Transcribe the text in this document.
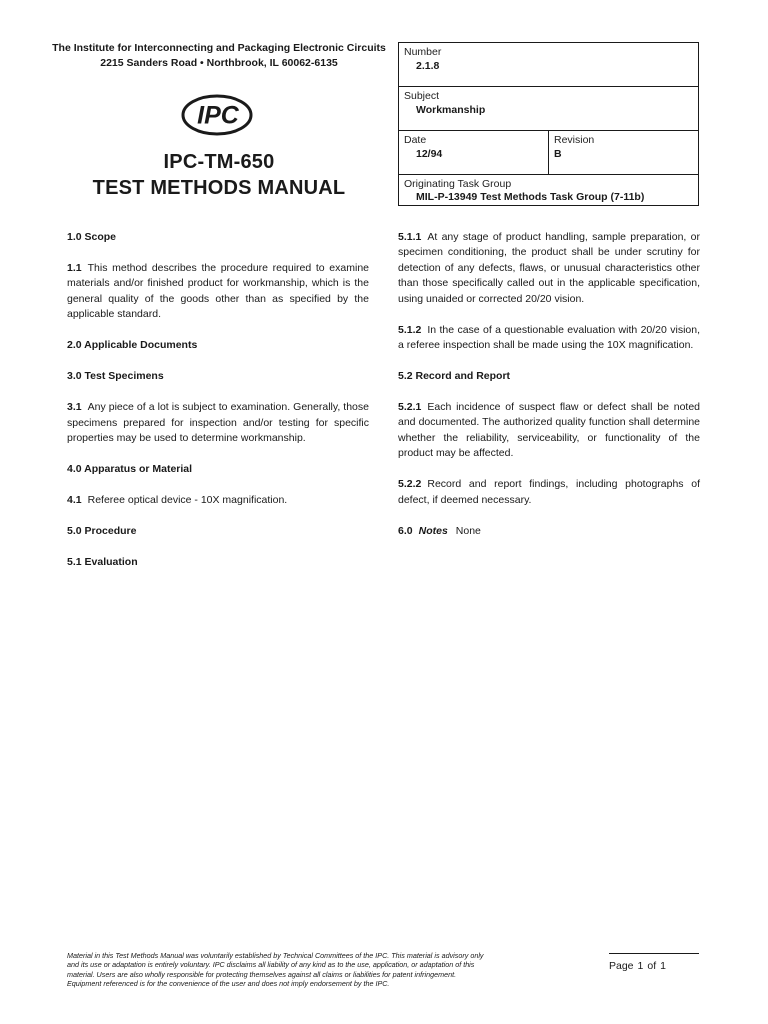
The Institute for Interconnecting and Packaging Electronic Circuits
2215 Sanders Road • Northbrook, IL 60062-6135
IPC
IPC-TM-650
TEST METHODS MANUAL
Number
2.1.8
Subject
Workmanship
Date
12/94
Revision
B
Originating Task Group
MIL-P-13949 Test Methods Task Group (7-11b)

1.0 Scope

1.1 This method describes the procedure required to examine materials and/or finished product for workmanship, which is the general quality of the goods other than as specified by the applicable standard.

2.0 Applicable Documents

3.0 Test Specimens

3.1 Any piece of a lot is subject to examination. Generally, those specimens prepared for inspection and/or testing for specific properties may be used to determine workmanship.

4.0 Apparatus or Material

4.1 Referee optical device - 10X magnification.

5.0 Procedure

5.1 Evaluation

5.1.1 At any stage of product handling, sample preparation, or specimen conditioning, the product shall be under scrutiny for detection of any defects, flaws, or unusual characteristics other than those specifically called out in the applicable specification, using unaided or corrected 20/20 vision.

5.1.2 In the case of a questionable evaluation with 20/20 vision, a referee inspection shall be made using the 10X magnification.

5.2 Record and Report

5.2.1 Each incidence of suspect flaw or defect shall be noted and documented. The authorized quality function shall determine whether the reliability, serviceability, or functionality of the product may be affected.

5.2.2 Record and report findings, including photographs of defect, if deemed necessary.

6.0 Notes None

Material in this Test Methods Manual was voluntarily established by Technical Committees of the IPC. This material is advisory only
and its use or adaptation is entirely voluntary. IPC disclaims all liability of any kind as to the use, application, or adaptation of this
material. Users are also wholly responsible for protecting themselves against all claims or liabilities for patent infringement.
Equipment referenced is for the convenience of the user and does not imply endorsement by the IPC.
Page 1 of 1
